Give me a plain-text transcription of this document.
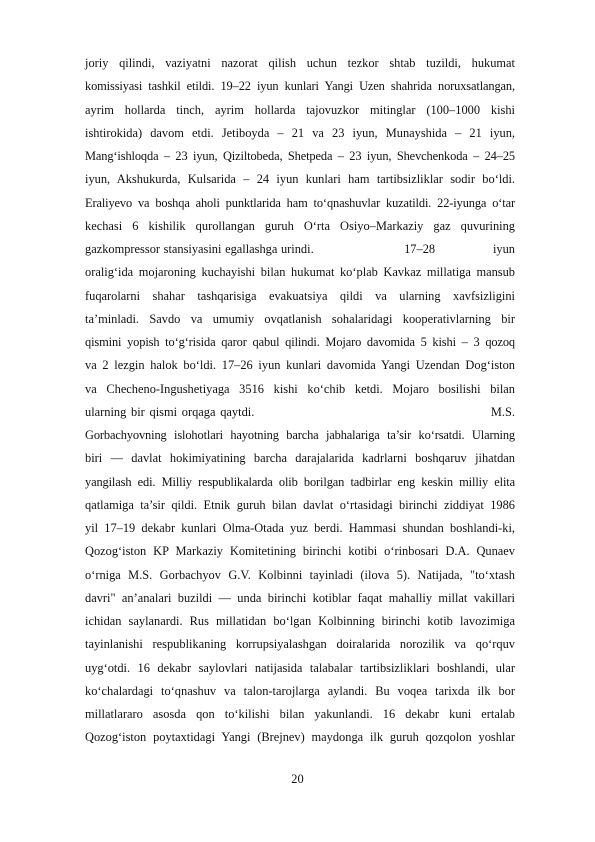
joriy qilindi, vaziyatni nazorat qilish uchun tezkor shtab tuzildi, hukumat
komissiyasi tashkil etildi. 19–22 iyun kunlari Yangi Uzen shahrida noruxsatlangan,
ayrim hollarda tinch, ayrim hollarda tajovuzkor mitinglar (100–1000 kishi
ishtirokida) davom etdi. Jetiboyda – 21 va 23 iyun, Munayshida – 21 iyun,
Mang‘ishloqda – 23 iyun, Qiziltobeda, Shetpeda – 23 iyun, Shevchenkoda – 24–25
iyun, Akshukurda, Kulsarida – 24 iyun kunlari ham tartibsizliklar sodir bo‘ldi.
Eraliyevo va boshqa aholi punktlarida ham to‘qnashuvlar kuzatildi. 22-iyunga o‘tar
kechasi 6 kishilik qurollangan guruh O‘rta Osiyo–Markaziy gaz quvurining
gazkompressor stansiyasini egallashga urindi.                         17–28                iyun
oralig‘ida mojaroning kuchayishi bilan hukumat ko‘plab Kavkaz millatiga mansub
fuqarolarni shahar tashqarisiga evakuatsiya qildi va ularning xavfsizligini
ta’minladi. Savdo va umumiy ovqatlanish sohalaridagi kooperativlarning bir
qismini yopish to‘g‘risida qaror qabul qilindi. Mojaro davomida 5 kishi – 3 qozoq
va 2 lezgin halok bo‘ldi. 17–26 iyun kunlari davomida Yangi Uzendan Dog‘iston
va Checheno-Ingushetiyaga 3516 kishi ko‘chib ketdi. Mojaro bosilishi bilan
ularning bir qismi orqaga qaytdi.                                                  M.S.
Gorbachyovning islohotlari hayotning barcha jabhalariga ta’sir ko‘rsatdi. Ularning
biri — davlat hokimiyatining barcha darajalarida kadrlarni boshqaruv jihatdan
yangilash edi. Milliy respublikalarda olib borilgan tadbirlar eng keskin milliy elita
qatlamiga ta’sir qildi. Etnik guruh bilan davlat o‘rtasidagi birinchi ziddiyat 1986
yil 17–19 dekabr kunlari Olma-Otada yuz berdi. Hammasi shundan boshlandi-ki,
Qozog‘iston KP Markaziy Komitetining birinchi kotibi o‘rinbosari D.A. Qunaev
o‘rniga M.S. Gorbachyov G.V. Kolbinni tayinladi (ilova 5). Natijada, "to‘xtash
davri" an’analari buzildi — unda birinchi kotiblar faqat mahalliy millat vakillari
ichidan saylanardi. Rus millatidan bo‘lgan Kolbinning birinchi kotib lavozimiga
tayinlanishi respublikaning korrupsiyalashgan doiralarida norozilik va qo‘rquv
uyg‘otdi. 16 dekabr saylovlari natijasida talabalar tartibsizliklari boshlandi, ular
ko‘chalardagi to‘qnashuv va talon-tarojlarga aylandi. Bu voqea tarixda ilk bor
millatlararo asosda qon to‘kilishi bilan yakunlandi. 16 dekabr kuni ertalab
Qozog‘iston poytaxtidagi Yangi (Brejnev) maydonga ilk guruh qozqolon yoshlar
20
